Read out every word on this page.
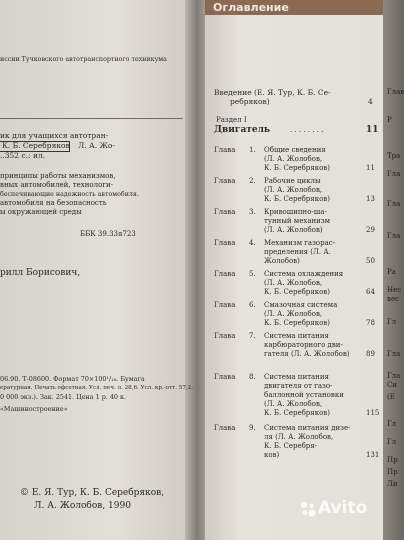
иссии Тучковского автотранспортного техникума
ик для учащихся автотран-
К. Б. Серебряков Л. А. Жо-
..352 с.: ил.
принципы работы механизмов,
вных автомобилей, технологи-
беспечивающие надежность автомобиля.
автомобиля на безопасность
ы окружающей среды
ББК 39.33я723
рилл Борисович,
06.90. Т-08600. Формат 70×100¹/₁₆. Бумага
ературная. Печать офсетная. Усл. печ. л. 28,6. Усл. кр.-отт. 57,2.
0 000 экз.). Зак. 2541. Цена 1 р. 40 к.
«Машиностроение»
© Е. Я. Тур, К. Б. Серебряков,
Л. А. Жолобов, 1990
Оглавление
Введение (Е. Я. Тур, К. Б. Се-
ребряков)	4
Раздел I
Двигатель	. . . . . . . .	11
Avito
Глава 1. Общие сведения
(Л. А. Жолобов,
К. Б. Серебряков)	11
Глава 2. Рабочие циклы
(Л. А. Жолобов,
К. Б. Серебряков)	13
Глава 3. Кривошипно-ша-
тунный механизм
(Л. А. Жолобов)	29
Глава 4. Механизм газорас-
пределения (Л. А.
Жолобов)	50
Глава 5. Система охлаждения
(Л. А. Жолобов,
К. Б. Серебряков)	64
Глава 6. Смазочная система
(Л. А. Жолобов,
К. Б. Серебряков)	78
Глава 7. Система питания
карбюраторного дви-
гателя (Л. А. Жолобов) 89
Глава 8. Система питания
двигателя от газо-
баллонной установки
(Л. А. Жолобов,
К. Б. Серебряков)	115
Глава 9. Система питания дизе-
ля (Л. А. Жолобов,
К. Б. Серебря-
ков)	131
Глав
Р
Тра
Гла
Гла
Гла
Ра
Нес
вес
Гл
Гла
Гла
Си
(Е
Гл
Гл
Пр
Пр
Ли
